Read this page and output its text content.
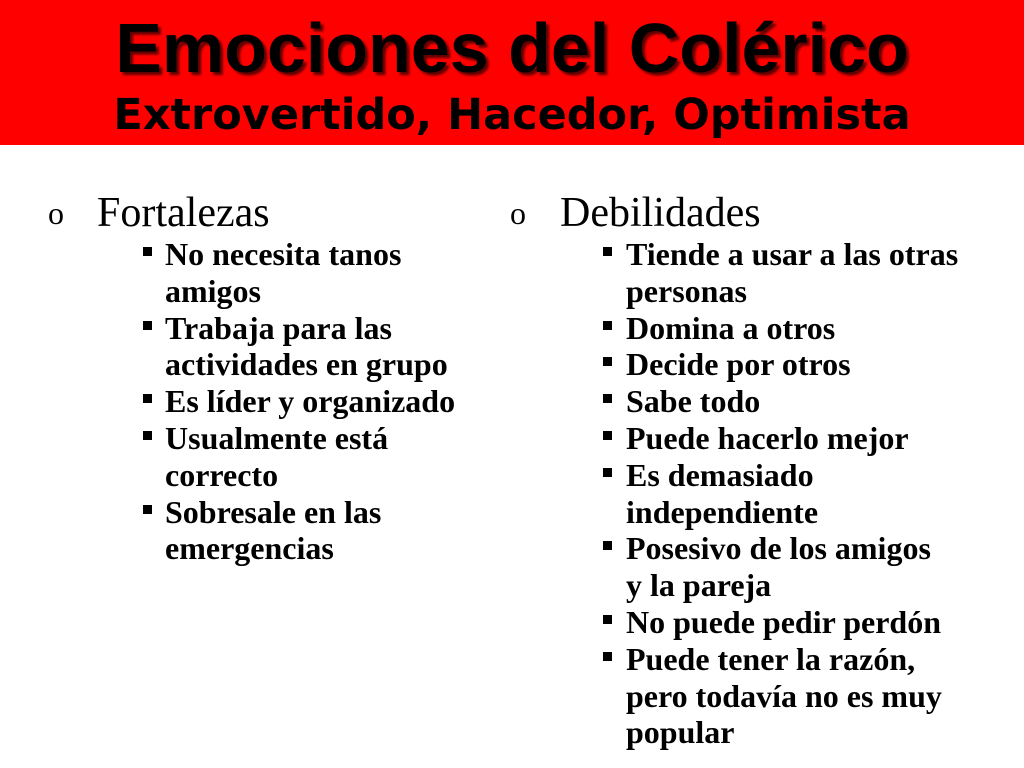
Emociones del Colérico
Extrovertido, Hacedor, Optimista
o Fortalezas
No necesita tanos amigos
Trabaja para las actividades en grupo
Es líder y organizado
Usualmente está correcto
Sobresale en las emergencias
o Debilidades
Tiende a usar a las otras personas
Domina a otros
Decide por otros
Sabe todo
Puede hacerlo mejor
Es demasiado independiente
Posesivo de los amigos y la pareja
No puede pedir perdón
Puede tener la razón, pero todavía no es muy popular
